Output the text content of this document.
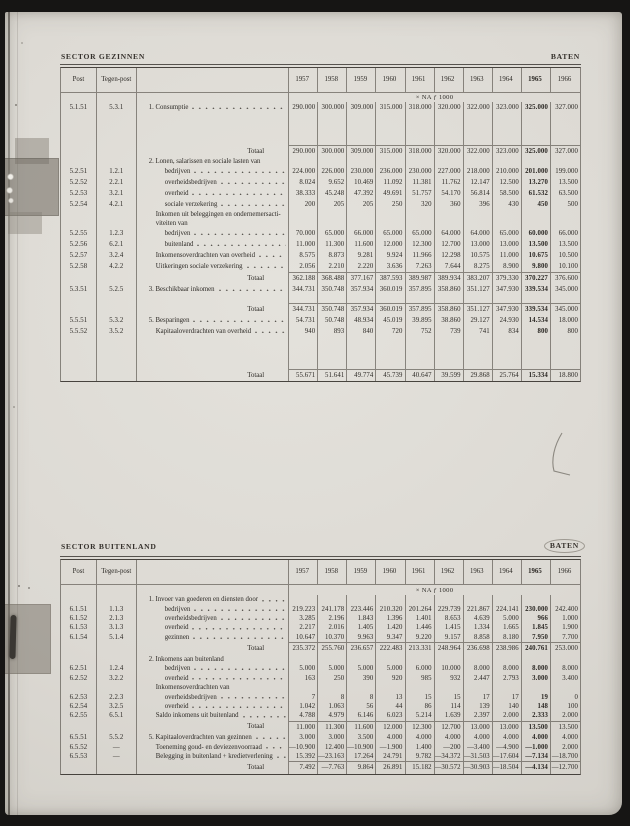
SECTOR GEZINNEN	BATEN
Post	Tegen-post	1957	1958	1959	1960	1961	1962	1963	1964	1965	1966
× NA ƒ 1000
5.1.51	5.3.1	1. Consumptie	290.000 300.000 309.000 315.000 318.000 320.000 322.000 323.000 325.000	327.000
Totaal	290.000 300.000 309.000 315.000 318.000 320.000 322.000 323.000 325.000	327.000
2. Lonen, salarissen en sociale lasten van
5.2.51	1.2.1	bedrijven	224.000 226.000 230.000 236.000 230.000 227.000 218.000 210.000 201.000	199.000
5.2.52	2.2.1	overheidsbedrijven	8.024	9.652	10.469	11.092	11.381	11.762	12.147	12.500	13.270	13.500
5.2.53	3.2.1	overheid	38.333	45.248	47.392	49.691	51.757	54.170	56.814	58.500	61.532	63.500
5.2.54	4.2.1	sociale verzekering	200	205	205	250	320	360	396	430	450	500
Inkomen uit beleggingen en ondernemersacti-
viteiten van
5.2.55	1.2.3	bedrijven	70.000	65.000	66.000	65.000	65.000	64.000	64.000	65.000	60.000	66.000
5.2.56	6.2.1	buitenland	11.000	11.300	11.600	12.000	12.300	12.700	13.000	13.000	13.500	13.500
5.2.57	3.2.4	Inkomensoverdrachten van overheid	8.575	8.873	9.281	9.924	11.966	12.298	10.575	11.000	10.675	10.500
5.2.58	4.2.2	Uitkeringen sociale verzekering	2.056	2.210	2.220	3.636	7.263	7.644	8.275	8.900	9.800	10.100
Totaal	362.188 368.488 377.167 387.593 389.987 389.934 383.207 379.330 370.227	376.600
5.3.51	5.2.5	3. Beschikbaar inkomen	344.731 350.748 357.934 360.019 357.895 358.860 351.127 347.930 339.534	345.000
Totaal	344.731 350.748 357.934 360.019 357.895 358.860 351.127 347.930 339.534	345.000
5.5.51	5.3.2	5. Besparingen	54.731	50.748	48.934	45.019	39.895	38.860	29.127	24.930	14.534	18.000
5.5.52	3.5.2	Kapitaaloverdrachten van overheid	940	893	840	720	752	739	741	834	800	800
Totaal	55.671	51.641	49.774	45.739	40.647	39.599	29.868	25.764	15.334	18.800
SECTOR BUITENLAND	BATEN
Post	Tegen-post	1957	1958	1959	1960	1961	1962	1963	1964	1965	1966
× NA ƒ 1000
1. Invoer van goederen en diensten door
6.1.51	1.1.3	bedrijven	219.223 241.178 223.446 210.320 201.264 229.739 221.867 224.141 230.000	242.400
6.1.52	2.1.3	overheidsbedrijven	3.285	2.196	1.843	1.396	1.401	8.653	4.639	5.000	966	1.000
6.1.53	3.1.3	overheid	2.217	2.016	1.405	1.420	1.446	1.415	1.334	1.665	1.845	1.900
6.1.54	5.1.4	gezinnen	10.647	10.370	9.963	9.347	9.220	9.157	8.858	8.180	7.950	7.700
Totaal	235.372 255.760 236.657 222.483 213.331 248.964 236.698 238.986 240.761	253.000
2. Inkomens aan buitenland
6.2.51	1.2.4	bedrijven	5.000	5.000	5.000	5.000	6.000	10.000	8.000	8.000	8.000	8.000
6.2.52	3.2.2	overheid	163	250	390	920	985	932	2.447	2.793	3.000	3.400
Inkomensoverdrachten van
6.2.53	2.2.3	overheidsbedrijven	7	8	8	13	15	15	17	17	19	0
6.2.54	3.2.5	overheid	1.042	1.063	56	44	86	114	139	140	148	100
6.2.55	6.5.1	Saldo inkomens uit buitenland	4.788	4.979	6.146	6.023	5.214	1.639	2.397	2.000	2.333	2.000
Totaal	11.000	11.300	11.600	12.000	12.300	12.700	13.000	13.000	13.500	13.500
6.5.51	5.5.2	5. Kapitaaloverdrachten van gezinnen	3.000	3.000	3.500	4.000	4.000	4.000	4.000	4.000	4.000	4.000
6.5.52	—	Toeneming goud- en deviezenvoorraad	—10.900	12.400 —10.900 —1.900	1.400	—200 —3.400 —4.900 —1.000	2.000
6.5.53	—	Belegging in buitenland + kredietverlening	15.392 —23.163	17.264	24.791	9.782 —34.372 —31.503 —17.604 —7.134 —18.700
Totaal	7.492 —7.763	9.864	26.891	15.182 —30.572 —30.903 —18.504 —4.134 —12.700
